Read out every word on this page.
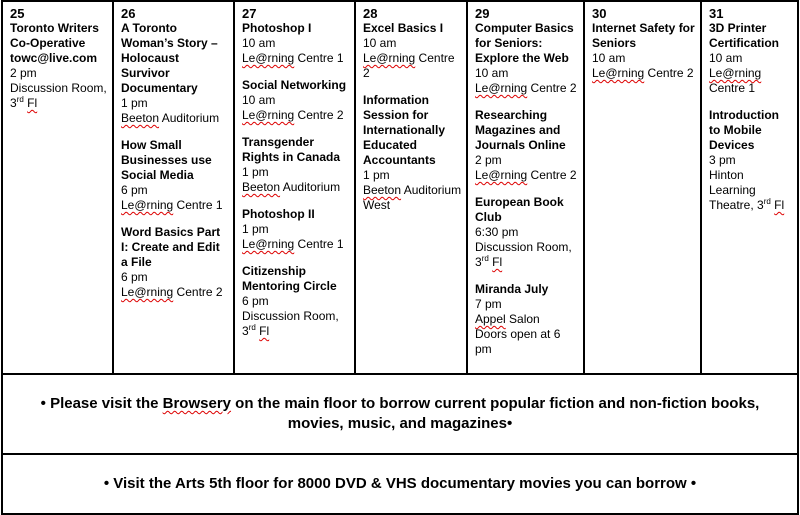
25
Toronto Writers Co-Operative
towc@live.com
2 pm
Discussion Room,
3rd Fl

26
A Toronto Woman’s Story –
Holocaust Survivor Documentary
1 pm
Beeton Auditorium
How Small Businesses use Social Media
6 pm
Le@rning Centre 1
Word Basics Part I: Create and Edit a File
6 pm
Le@rning Centre 2

27
Photoshop I
10 am
Le@rning Centre 1
Social Networking
10 am
Le@rning Centre 2
Transgender Rights in Canada
1 pm
Beeton Auditorium
Photoshop II
1 pm
Le@rning Centre 1
Citizenship Mentoring Circle
6 pm
Discussion Room,
3rd Fl

28
Excel Basics I
10 am
Le@rning Centre 2
Information Session for Internationally Educated Accountants
1 pm
Beeton Auditorium West

29
Computer Basics for Seniors: Explore the Web
10 am
Le@rning Centre 2
Researching Magazines and Journals Online
2 pm
Le@rning Centre 2
European Book Club
6:30 pm
Discussion Room,
3rd Fl
Miranda July
7 pm
Appel Salon
Doors open at 6 pm

30
Internet Safety for Seniors
10 am
Le@rning Centre 2

31
3D Printer Certification
10 am
Le@rning Centre 1
Introduction to Mobile Devices
3 pm
Hinton Learning Theatre, 3rd Fl

• Please visit the Browsery on the main floor to borrow current popular fiction and non-fiction books, movies, music, and magazines•
• Visit the Arts 5th floor for 8000 DVD & VHS documentary movies you can borrow •
